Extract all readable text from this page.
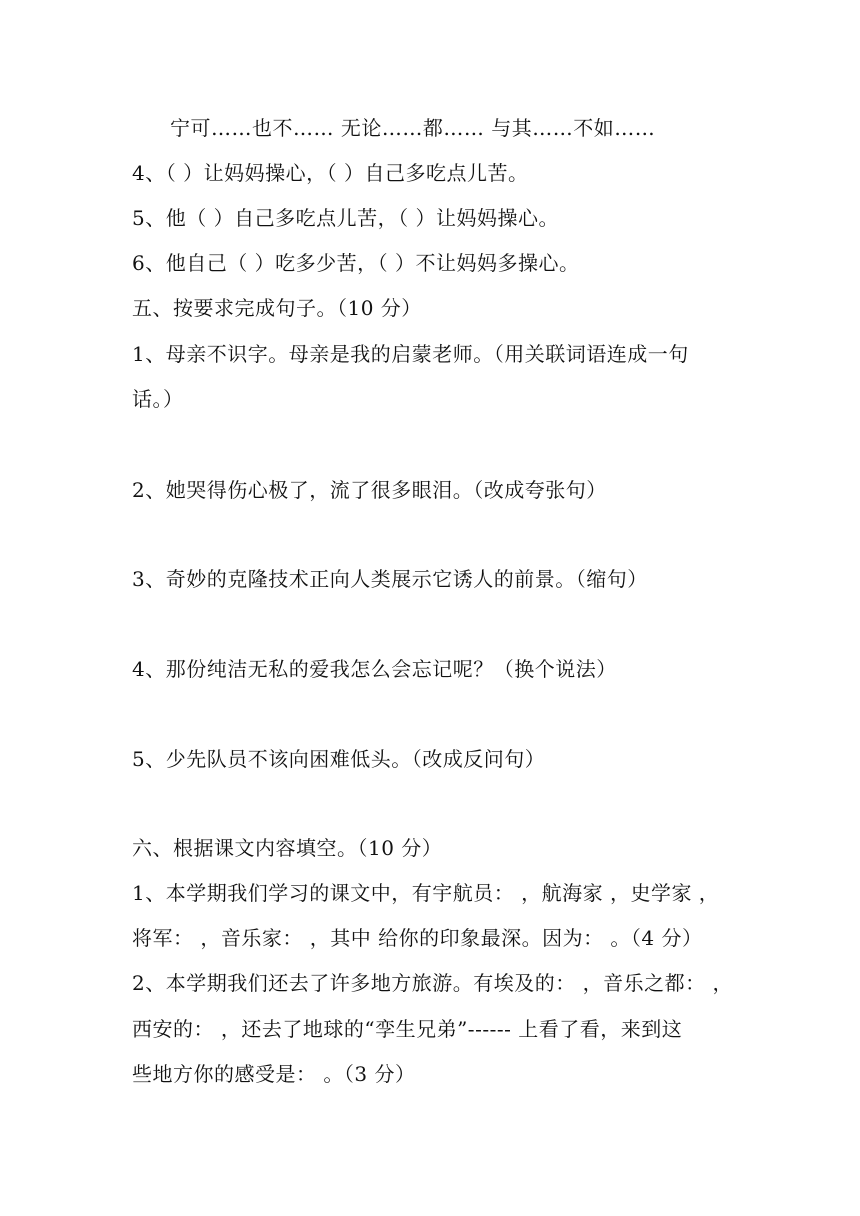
宁可……也不…… 无论……都…… 与其……不如……
4、（ ）让妈妈操心，（ ）自己多吃点儿苦。
5、他（ ）自己多吃点儿苦，（ ）让妈妈操心。
6、他自己（ ）吃多少苦，（ ）不让妈妈多操心。
五、按要求完成句子。（10 分）
1、母亲不识字。母亲是我的启蒙老师。（用关联词语连成一句
话。）
2、她哭得伤心极了，流了很多眼泪。（改成夸张句）
3、奇妙的克隆技术正向人类展示它诱人的前景。（缩句）
4、那份纯洁无私的爱我怎么会忘记呢？（换个说法）
5、少先队员不该向困难低头。（改成反问句）
六、根据课文内容填空。（10 分）
1、本学期我们学习的课文中，有宇航员： ，航海家 ，史学家 ，
将军： ，音乐家： ，其中 给你的印象最深。因为： 。（4 分）
2、本学期我们还去了许多地方旅游。有埃及的： ，音乐之都： ，
西安的： ，还去了地球的“孪生兄弟”------ 上看了看，来到这
些地方你的感受是： 。（3 分）
